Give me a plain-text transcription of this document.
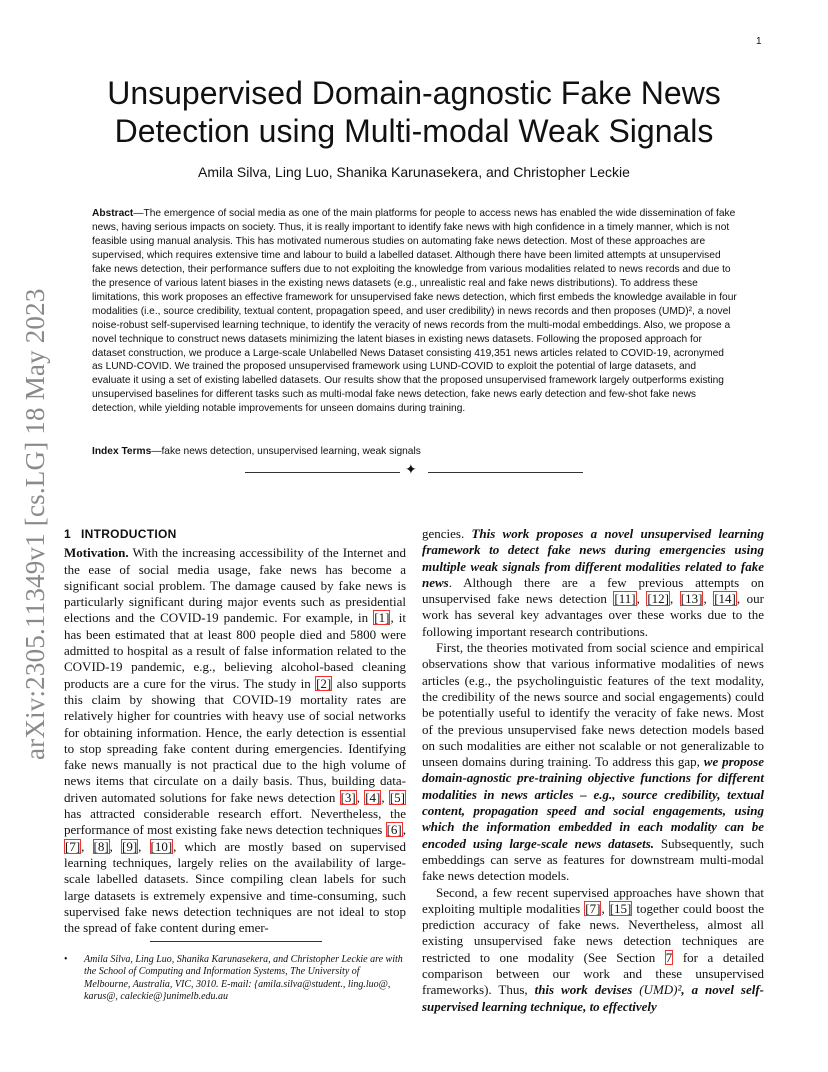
1
arXiv:2305.11349v1 [cs.LG] 18 May 2023
Unsupervised Domain-agnostic Fake News Detection using Multi-modal Weak Signals
Amila Silva, Ling Luo, Shanika Karunasekera, and Christopher Leckie

Abstract—The emergence of social media as one of the main platforms for people to access news has enabled the wide dissemination of fake news, having serious impacts on society. Thus, it is really important to identify fake news with high confidence in a timely manner, which is not feasible using manual analysis. This has motivated numerous studies on automating fake news detection. Most of these approaches are supervised, which requires extensive time and labour to build a labelled dataset. Although there have been limited attempts at unsupervised fake news detection, their performance suffers due to not exploiting the knowledge from various modalities related to news records and due to the presence of various latent biases in the existing news datasets (e.g., unrealistic real and fake news distributions). To address these limitations, this work proposes an effective framework for unsupervised fake news detection, which first embeds the knowledge available in four modalities (i.e., source credibility, textual content, propagation speed, and user credibility) in news records and then proposes (UMD)², a novel noise-robust self-supervised learning technique, to identify the veracity of news records from the multi-modal embeddings. Also, we propose a novel technique to construct news datasets minimizing the latent biases in existing news datasets. Following the proposed approach for dataset construction, we produce a Large-scale Unlabelled News Dataset consisting 419,351 news articles related to COVID-19, acronymed as LUND-COVID. We trained the proposed unsupervised framework using LUND-COVID to exploit the potential of large datasets, and evaluate it using a set of existing labelled datasets. Our results show that the proposed unsupervised framework largely outperforms existing unsupervised baselines for different tasks such as multi-modal fake news detection, fake news early detection and few-shot fake news detection, while yielding notable improvements for unseen domains during training.

Index Terms—fake news detection, unsupervised learning, weak signals
✦
1 INTRODUCTION

Motivation. With the increasing accessibility of the Internet and the ease of social media usage, fake news has become a significant social problem. The damage caused by fake news is particularly significant during major events such as presidential elections and the COVID-19 pandemic. For example, in [1], it has been estimated that at least 800 people died and 5800 were admitted to hospital as a result of false information related to the COVID-19 pandemic, e.g., believing alcohol-based cleaning products are a cure for the virus. The study in [2] also supports this claim by showing that COVID-19 mortality rates are relatively higher for countries with heavy use of social networks for obtaining information. Hence, the early detection is essential to stop spreading fake content during emergencies. Identifying fake news manually is not practical due to the high volume of news items that circulate on a daily basis. Thus, building data-driven automated solutions for fake news detection [3], [4], [5] has attracted considerable research effort. Nevertheless, the performance of most existing fake news detection techniques [6], [7], [8], [9], [10], which are mostly based on supervised learning techniques, largely relies on the availability of large-scale labelled datasets. Since compiling clean labels for such large datasets is extremely expensive and time-consuming, such supervised fake news detection techniques are not ideal to stop the spread of fake content during emer-

gencies. This work proposes a novel unsupervised learning framework to detect fake news during emergencies using multiple weak signals from different modalities related to fake news. Although there are a few previous attempts on unsupervised fake news detection [11], [12], [13], [14], our work has several key advantages over these works due to the following important research contributions.

First, the theories motivated from social science and empirical observations show that various informative modalities of news articles (e.g., the psycholinguistic features of the text modality, the credibility of the news source and social engagements) could be potentially useful to identify the veracity of fake news. Most of the previous unsupervised fake news detection models based on such modalities are either not scalable or not generalizable to unseen domains during training. To address this gap, we propose domain-agnostic pre-training objective functions for different modalities in news articles – e.g., source credibility, textual content, propagation speed and social engagements, using which the information embedded in each modality can be encoded using large-scale news datasets. Subsequently, such embeddings can serve as features for downstream multi-modal fake news detection models.

Second, a few recent supervised approaches have shown that exploiting multiple modalities [7], [15] together could boost the prediction accuracy of fake news. Nevertheless, almost all existing unsupervised fake news detection techniques are restricted to one modality (See Section 7 for a detailed comparison between our work and these unsupervised frameworks). Thus, this work devises (UMD)², a novel self-supervised learning technique, to effectively

• Amila Silva, Ling Luo, Shanika Karunasekera, and Christopher Leckie are with the School of Computing and Information Systems, The University of Melbourne, Australia, VIC, 3010. E-mail: {amila.silva@student., ling.luo@, karus@, caleckie@}unimelb.edu.au
